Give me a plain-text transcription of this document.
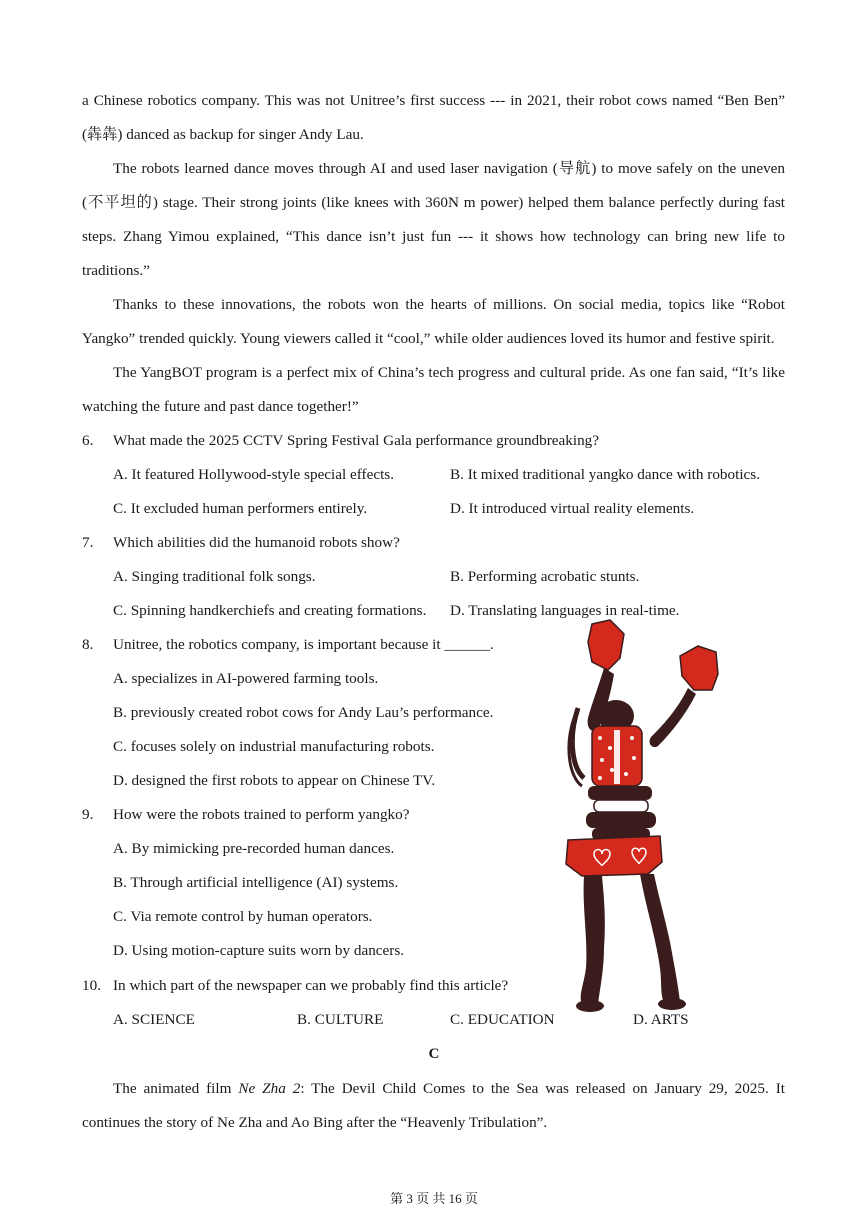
a Chinese robotics company. This was not Unitree’s first success --- in 2021, their robot cows named “Ben Ben”
(犇犇) danced as backup for singer Andy Lau.
The robots learned dance moves through AI and used laser navigation (导航) to move safely on the uneven
(不平坦的) stage. Their strong joints (like knees with 360N m power) helped them balance perfectly during fast
steps. Zhang Yimou explained, “This dance isn’t just fun --- it shows how technology can bring new life to
traditions.”
Thanks to these innovations, the robots won the hearts of millions. On social media, topics like “Robot
Yangko” trended quickly. Young viewers called it “cool,” while older audiences loved its humor and festive spirit.
The YangBOT program is a perfect mix of China’s tech progress and cultural pride. As one fan said, “It’s like
watching the future and past dance together!”
6.	What made the 2025 CCTV Spring Festival Gala performance groundbreaking?
A. It featured Hollywood-style special effects.	B. It mixed traditional yangko dance with robotics.
C. It excluded human performers entirely.	D. It introduced virtual reality elements.
7.	Which abilities did the humanoid robots show?
A. Singing traditional folk songs.	B. Performing acrobatic stunts.
C. Spinning handkerchiefs and creating formations. D. Translating languages in real-time.
8.	Unitree, the robotics company, is important because it ______.
A. specializes in AI-powered farming tools.
B. previously created robot cows for Andy Lau’s performance.
C. focuses solely on industrial manufacturing robots.
D. designed the first robots to appear on Chinese TV.
9.	How were the robots trained to perform yangko?
A. By mimicking pre-recorded human dances.
B. Through artificial intelligence (AI) systems.
C. Via remote control by human operators.
D. Using motion-capture suits worn by dancers.
10. In which part of the newspaper can we probably find this article?
A. SCIENCE	B. CULTURE	C. EDUCATION	D. ARTS
C
The animated film Ne Zha 2: The Devil Child Comes to the Sea was released on January 29, 2025. It
continues the story of Ne Zha and Ao Bing after the “Heavenly Tribulation”.
第 3 页 共 16 页
